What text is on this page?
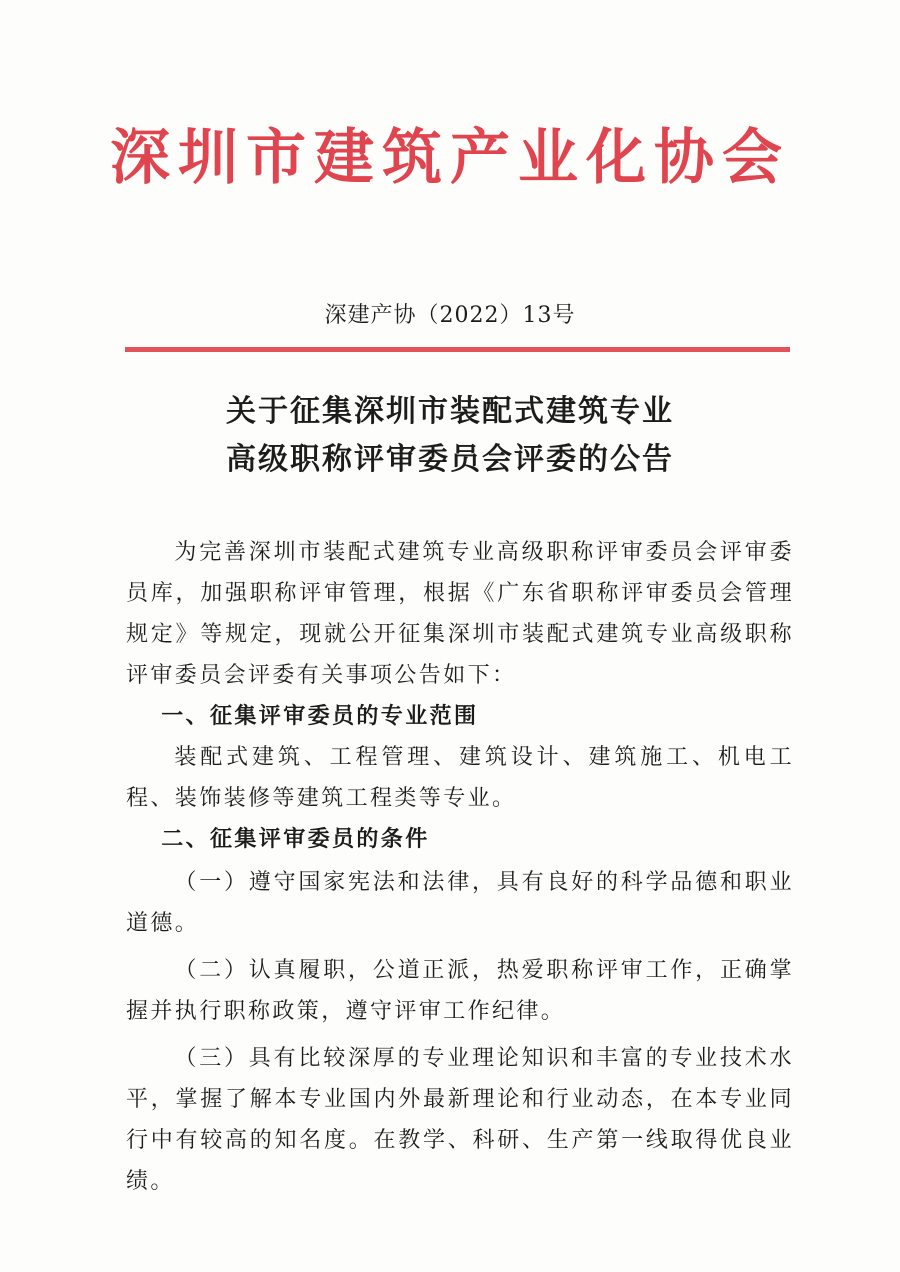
深圳市建筑产业化协会
深建产协（2022）13号
关于征集深圳市装配式建筑专业
高级职称评审委员会评委的公告

为完善深圳市装配式建筑专业高级职称评审委员会评审委员库，加强职称评审管理，根据《广东省职称评审委员会管理规定》等规定，现就公开征集深圳市装配式建筑专业高级职称评审委员会评委有关事项公告如下：

一、征集评审委员的专业范围

装配式建筑、工程管理、建筑设计、建筑施工、机电工程、装饰装修等建筑工程类等专业。

二、征集评审委员的条件

（一）遵守国家宪法和法律，具有良好的科学品德和职业道德。

（二）认真履职，公道正派，热爱职称评审工作，正确掌握并执行职称政策，遵守评审工作纪律。

（三）具有比较深厚的专业理论知识和丰富的专业技术水平，掌握了解本专业国内外最新理论和行业动态，在本专业同行中有较高的知名度。在教学、科研、生产第一线取得优良业绩。
